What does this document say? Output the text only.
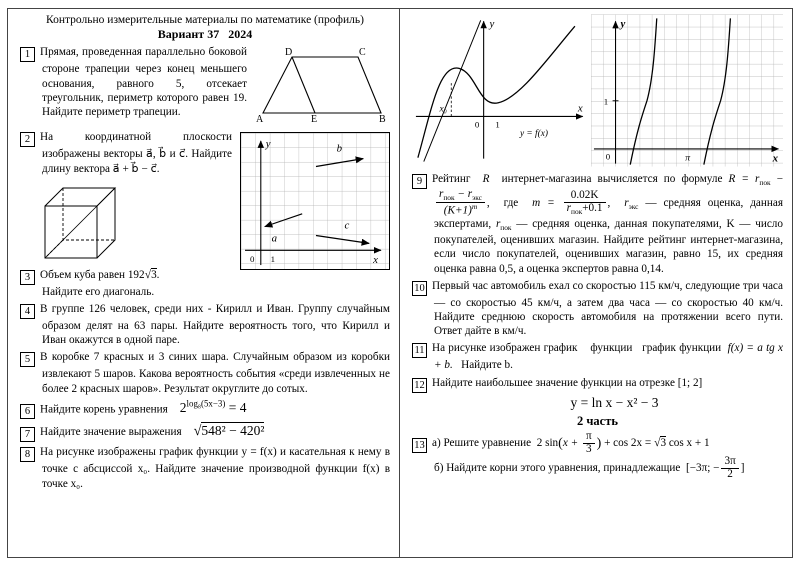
Контрольно измерительные материалы по математике (профиль)
Вариант 37   2024
D	C
A	E	B
1 Прямая, проведенная параллельно боковой стороне трапеции через конец меньшего основания, равного 5, отсекает треугольник, периметр которого равен 19. Найдите периметр трапеции.
y
x
0 1
a⃗
b⃗
c⃗
2 На координатной плоскости изображены векторы a⃗, b⃗ и c⃗. Найдите длину вектора a⃗ + b⃗ − c⃗.
3 Объем куба равен 192√3.
Найдите его диагональ.
4 В группе 126 человек, среди них - Кирилл и Иван. Группу случайным образом делят на 63 пары. Найдите вероятность того, что Кирилл и Иван окажутся в одной паре.
5 В коробке 7 красных и 3 синих шара. Случайным образом из коробки извлекают 5 шаров. Какова вероятность события «среди извлеченных не более 2 красных шаров». Результат округлите до сотых.
6 Найдите корень уравнения $2^{log_8(5x-3)} = 4$
7 Найдите значение выражения √548² − 420²
8 На рисунке изображены график функции y = f(x) и касательная к нему в точке с абсциссой x₀. Найдите значение производной функции f(x) в точке x₀.
y
x
x₀
0 1
y = f(x)
y
x
1
0	π
9 Рейтинг  R  интернет-магазина вычисляется по формуле $R = r_{пок}$ −
$\frac{r_{пок} - r_{экс}}{(K+1)^m}$ ,  где  $m = \frac{0.02K}{r_{пок}+0.1}$ ,  $r_{экс}$ — средняя оценка, данная экспертами, $r_{пок}$ — средняя оценка, данная покупателями, K — число покупателей, оценивших магазин. Найдите рейтинг интернет-магазина, если число покупателей, оценивших магазин, равно 15, их средняя оценка равна 0,5, а оценка экспертов равна 0,14.
10 Первый час автомобиль ехал со скоростью 115 км/ч, следующие три часа — со скоростью 45 км/ч, а затем два часа — со скоростью 40 км/ч. Найдите среднюю скорость автомобиля на протяжении всего пути. Ответ дайте в км/ч.
11 На рисунке изображен график    функции   график функции  f(x) = a tg x + b.   Найдите b.
12 Найдите наибольшее значение функции на отрезке [1; 2]
y = ln x − x² − 3
2 часть
13 а) Решите уравнение  2 $\sin(x + \frac{\pi}{3}$ ) + cos 2x = √3 cos x + 1
б) Найдите корни этого уравнения, принадлежащие  [−3π; − $\frac{3\pi}{2}$ ]
